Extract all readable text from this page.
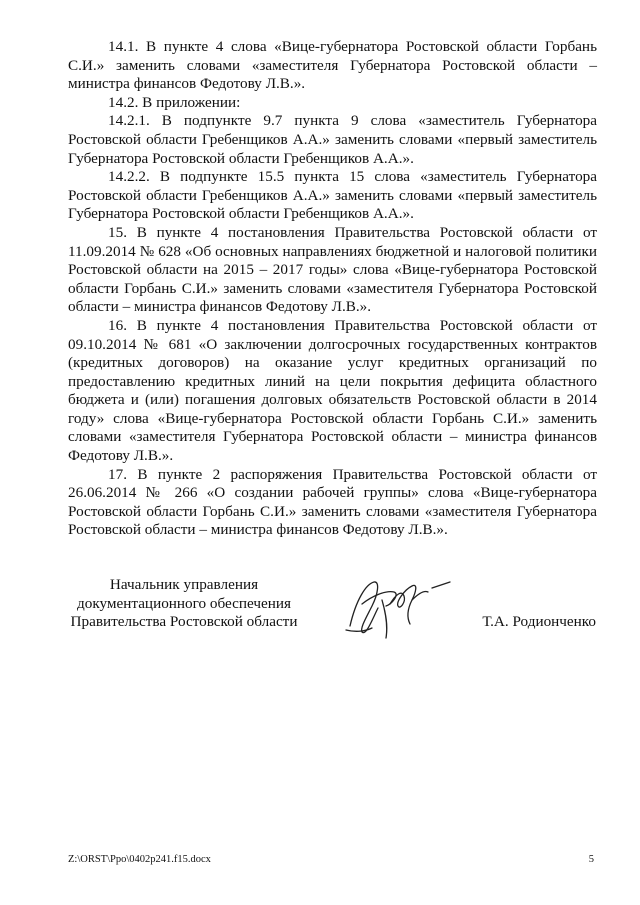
14.1. В пункте 4 слова «Вице-губернатора Ростовской области Горбань С.И.» заменить словами «заместителя Губернатора Ростовской области – министра финансов Федотову Л.В.».

14.2. В приложении:

14.2.1. В подпункте 9.7 пункта 9 слова «заместитель Губернатора Ростовской области Гребенщиков А.А.» заменить словами «первый заместитель Губернатора Ростовской области Гребенщиков А.А.».

14.2.2. В подпункте 15.5 пункта 15 слова «заместитель Губернатора Ростовской области Гребенщиков А.А.» заменить словами «первый заместитель Губернатора Ростовской области Гребенщиков А.А.».

15. В пункте 4 постановления Правительства Ростовской области от 11.09.2014 № 628 «Об основных направлениях бюджетной и налоговой политики Ростовской области на 2015 – 2017 годы» слова «Вице-губернатора Ростовской области Горбань С.И.» заменить словами «заместителя Губернатора Ростовской области – министра финансов Федотову Л.В.».

16. В пункте 4 постановления Правительства Ростовской области от 09.10.2014 № 681 «О заключении долгосрочных государственных контрактов (кредитных договоров) на оказание услуг кредитных организаций по предоставлению кредитных линий на цели покрытия дефицита областного бюджета и (или) погашения долговых обязательств Ростовской области в 2014 году» слова «Вице-губернатора Ростовской области Горбань С.И.» заменить словами «заместителя Губернатора Ростовской области – министра финансов Федотову Л.В.».

17. В пункте 2 распоряжения Правительства Ростовской области от 26.06.2014 № 266 «О создании рабочей группы» слова «Вице-губернатора Ростовской области Горбань С.И.» заменить словами «заместителя Губернатора Ростовской области – министра финансов Федотову Л.В.».

Начальник управления
документационного обеспечения
Правительства Ростовской области	Т.А. Родионченко
Z:\ORST\Ppo\0402p241.f15.docx	5
